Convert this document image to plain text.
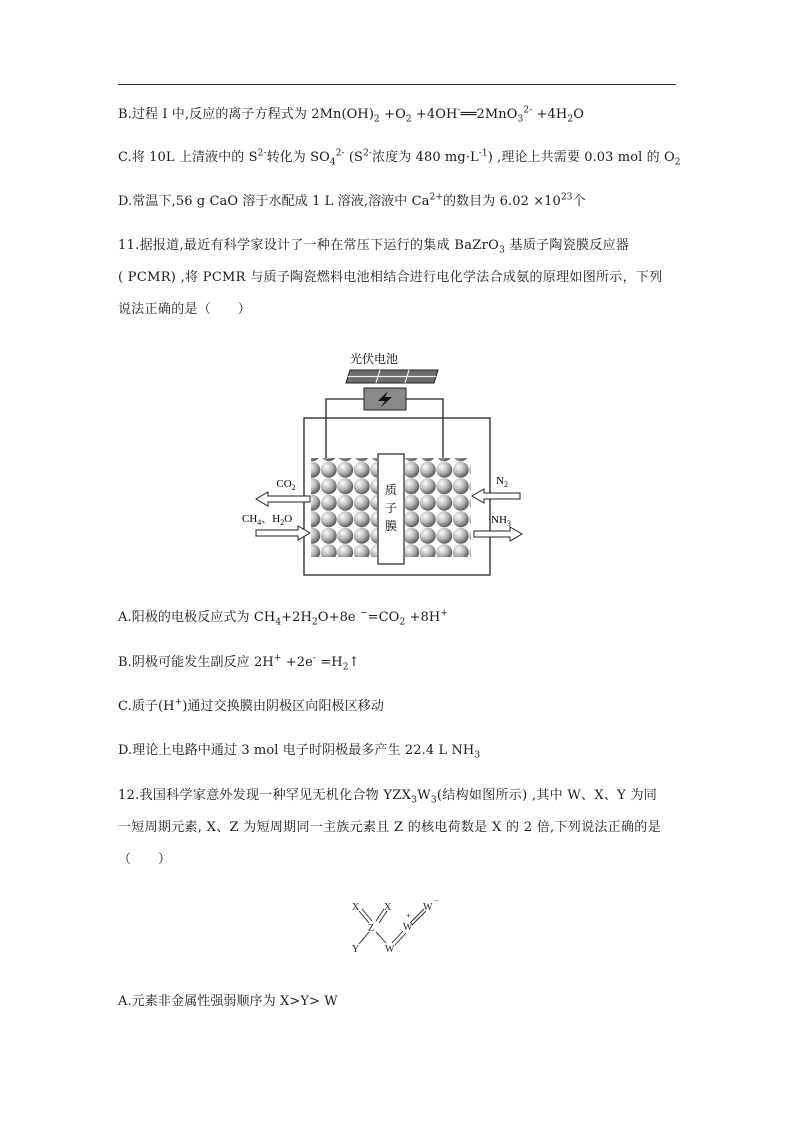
B.过程 I 中,反应的离子方程式为 $2Mn(OH)_2 +O_2$ +4OH-══2MnO$_3^{2-}$ $+4H_2O$
C.将 10L 上清液中的 $S^{2-}$转化为 $SO_4^{2-}$ ($S^{2-}$浓度为 480 $mg\cdot L^{-1}$) ,理论上共需要 0.03 mol 的 $O_2$
D.常温下,56 g CaO 溶于水配成 1 L 溶液,溶液中 $Ca^{2+}$的数目为 $6.02 \times 10^{23}$个
11.据报道,最近有科学家设计了一种在常压下运行的集成 BaZrO$_3$ 基质子陶瓷膜反应器
( PCMR) ,将 PCMR 与质子陶瓷燃料电池相结合进行电化学法合成氨的原理如图所示，下列
说法正确的是（　　）
光伏电池
质
子
膜
$CO_2$
$CH_4$、$H_2O$
$N_2$
$NH_3$
A.阳极的电极反应式为 $CH_4+2H_2O+8e$ $^-=CO_2 +8H^+$
B.阴极可能发生副反应 $2H^+ +2e^- =H_2↑$
C.质子(H+)通过交换膜由阴极区向阳极区移动
D.理论上电路中通过 3 mol 电子时阴极最多产生 22.4 L $NH_3$
12.我国科学家意外发现一种罕见无机化合物 $YZX_3W_3$(结构如图所示) ,其中 W、X、Y 为同
一短周期元素, X、Z 为短周期同一主族元素且 Z 的核电荷数是 X 的 2 倍,下列说法正确的是
（　　）
X X
Z
Y	W
W
W
−
+
A.元素非金属性强弱顺序为 X>Y> W
